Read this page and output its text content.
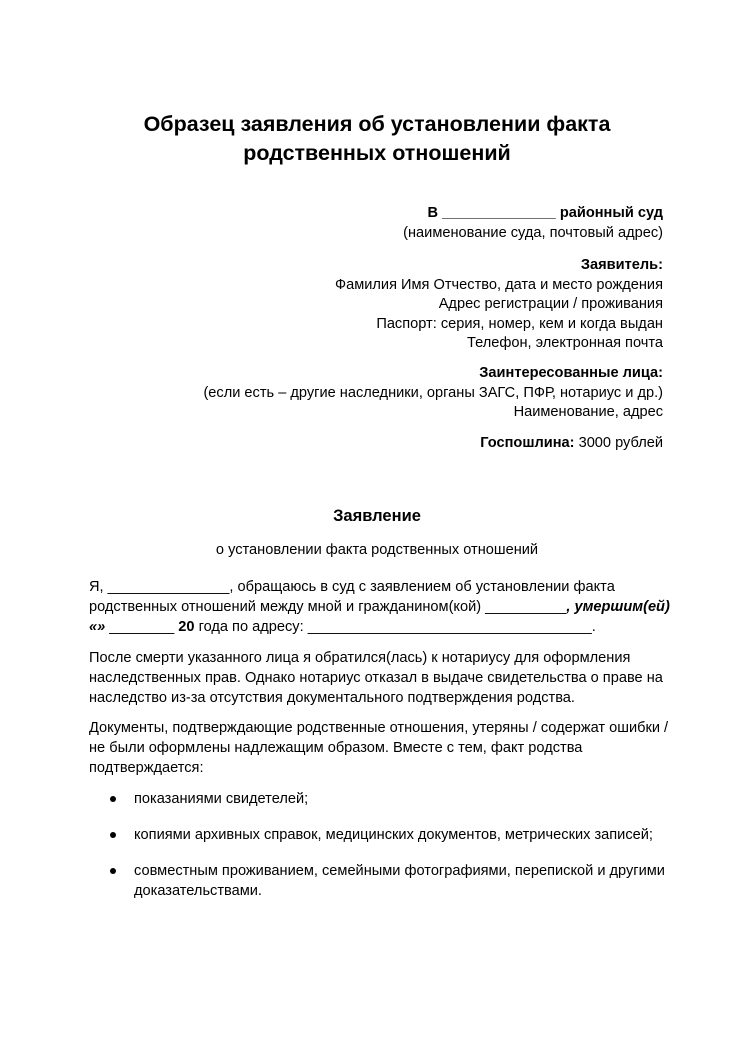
Образец заявления об установлении факта
родственных отношений
В ______________ районный суд
(наименование суда, почтовый адрес)
Заявитель:
Фамилия Имя Отчество, дата и место рождения
Адрес регистрации / проживания
Паспорт: серия, номер, кем и когда выдан
Телефон, электронная почта
Заинтересованные лица:
(если есть – другие наследники, органы ЗАГС, ПФР, нотариус и др.)
Наименование, адрес
Госпошлина: 3000 рублей
Заявление
о установлении факта родственных отношений
Я, _______________, обращаюсь в суд с заявлением об установлении факта
родственных отношений между мной и гражданином(кой) __________, умершим(ей)
«» ________ 20 года по адресу: ___________________________________.
После смерти указанного лица я обратился(лась) к нотариусу для оформления
наследственных прав. Однако нотариус отказал в выдаче свидетельства о праве на
наследство из-за отсутствия документального подтверждения родства.
Документы, подтверждающие родственные отношения, утеряны / содержат ошибки /
не были оформлены надлежащим образом. Вместе с тем, факт родства
подтверждается:
показаниями свидетелей;
копиями архивных справок, медицинских документов, метрических записей;
совместным проживанием, семейными фотографиями, перепиской и другими
доказательствами.
